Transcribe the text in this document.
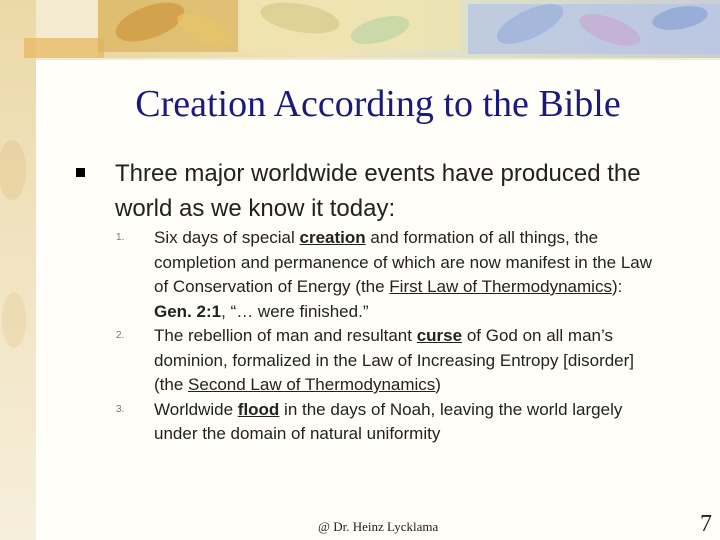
Creation According to the Bible
Three major worldwide events have produced the world as we know it today:
1. Six days of special creation and formation of all things, the completion and permanence of which are now manifest in the Law of Conservation of Energy (the First Law of Thermodynamics): Gen. 2:1, “… were finished.”
2. The rebellion of man and resultant curse of God on all man’s dominion, formalized in the Law of Increasing Entropy [disorder] (the Second Law of Thermodynamics)
3. Worldwide flood in the days of Noah, leaving the world largely under the domain of natural uniformity
@ Dr. Heinz Lycklama	7
